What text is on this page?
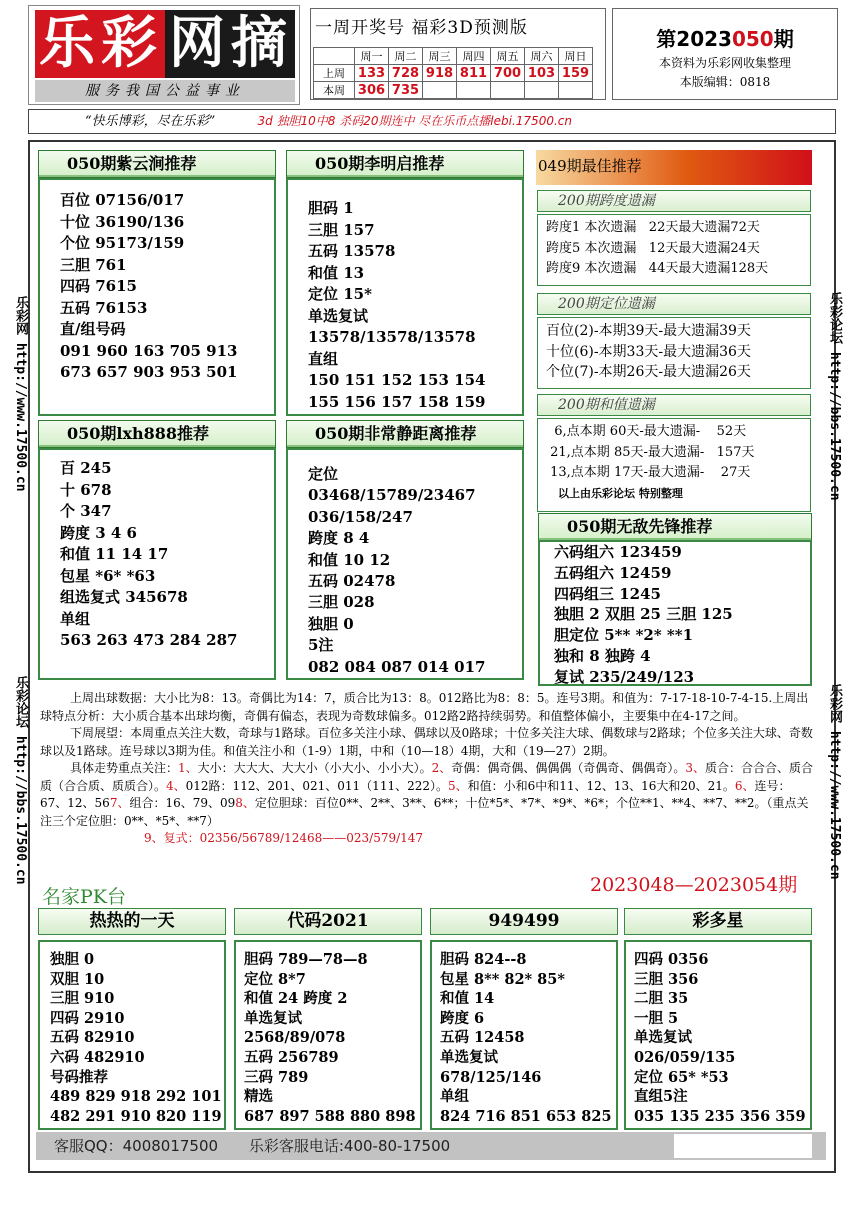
乐 彩 网 摘
服务我国公益事业
一周开奖号 福彩3D预测版
	周一	周二	周三	周四	周五	周六	周日
上周	133	728	918	811	700	103	159
本周	306	735					
第2023050期
本资料为乐彩网收集整理
本版编辑：0818
“快乐博彩，尽在乐彩”	3d 独胆10中8 杀码20期连中 尽在乐币点播lebi.17500.cn
乐彩网 http://www.17500.cn
乐彩论坛 http://bbs.17500.cn
乐彩论坛 http://bbs.17500.cn
乐彩网 http://www.17500.cn
050期紫云涧推荐
百位 07156/017
十位 36190/136
个位 95173/159
三胆 761
四码 7615
五码 76153
直/组号码
091 960 163 705 913
673 657 903 953 501
050期lxh888推荐
百 245
十 678
个 347
跨度 3 4 6
和值 11 14 17
包星 *6* *63
组选复式 345678
单组
563 263 473 284 287
050期李明启推荐
胆码 1
三胆 157
五码 13578
和值 13
定位 15*
单选复试
13578/13578/13578
直组
150 151 152 153 154
155 156 157 158 159
050期非常静距离推荐
定位
03468/15789/23467
036/158/247
跨度 8 4
和值 10 12
五码 02478
三胆 028
独胆 0
5注
082 084 087 014 017
049期最佳推荐
200期跨度遗漏
跨度1 本次遗漏   22天最大遗漏72天
跨度5 本次遗漏   12天最大遗漏24天
跨度9 本次遗漏   44天最大遗漏128天
200期定位遗漏
百位(2)-本期39天-最大遗漏39天
十位(6)-本期33天-最大遗漏36天
个位(7)-本期26天-最大遗漏26天
200期和值遗漏
6,点本期 60天-最大遗漏-    52天
21,点本期 85天-最大遗漏-   157天
13,点本期 17天-最大遗漏-    27天
以上由乐彩论坛 特别整理
050期无敌先锋推荐
六码组六 123459
五码组六 12459
四码组三 1245
独胆 2 双胆 25 三胆 125
胆定位 5** *2* **1
独和 8 独跨 4
复试 235/249/123

上周出球数据：大小比为8：13。奇偶比为14：7，质合比为13：8。012路比为8：8：5。连号3期。和值为：7-17-18-10-7-4-15.上周出球特点分析：大小质合基本出球均衡，奇偶有偏态，表现为奇数球偏多。012路2路持续弱势。和值整体偏小，主要集中在4-17之间。

下周展望：本周重点关注大数，奇球与1路球。百位多关注小球、偶球以及0路球；十位多关注大球、偶数球与2路球；个位多关注大球、奇数球以及1路球。连号球以3期为佳。和值关注小和（1-9）1期，中和（10—18）4期，大和（19—27）2期。

具体走势重点关注：1、大小：大大大、大大小（小大小、小小大）。2、奇偶：偶奇偶、偶偶偶（奇偶奇、偶偶奇）。3、质合：合合合、质合质（合合质、质质合）。4、012路：112、201、021、011（111、222）。5、和值：小和6中和11、12、13、16大和20、21。6、连号：67、12、567、组合：16、79、098、定位胆球：百位0**、2**、3**、6**；十位*5*、*7*、*9*、*6*；个位**1、**4、**7、**2。（重点关注三个定位胆：0**、*5*、**7）

9、复式：02356/56789/12468——023/579/147

名家PK台
2023048—2023054期
热热的一天
独胆 0
双胆 10
三胆 910
四码 2910
五码 82910
六码 482910
号码推荐
489 829 918 292 101
482 291 910 820 119
代码2021
胆码 789—78—8
定位 8*7
和值 24 跨度 2
单选复试
2568/89/078
五码 256789
三码 789
精选
687 897 588 880 898
949499
胆码 824--8
包星 8** 82* 85*
和值 14
跨度 6
五码 12458
单选复试
678/125/146
单组
824 716 851 653 825
彩多星
四码 0356
三胆 356
二胆 35
一胆 5
单选复试
026/059/135
定位 65* *53
直组5注
035 135 235 356 359
客服QQ：4008017500 乐彩客服电话:400-80-17500
